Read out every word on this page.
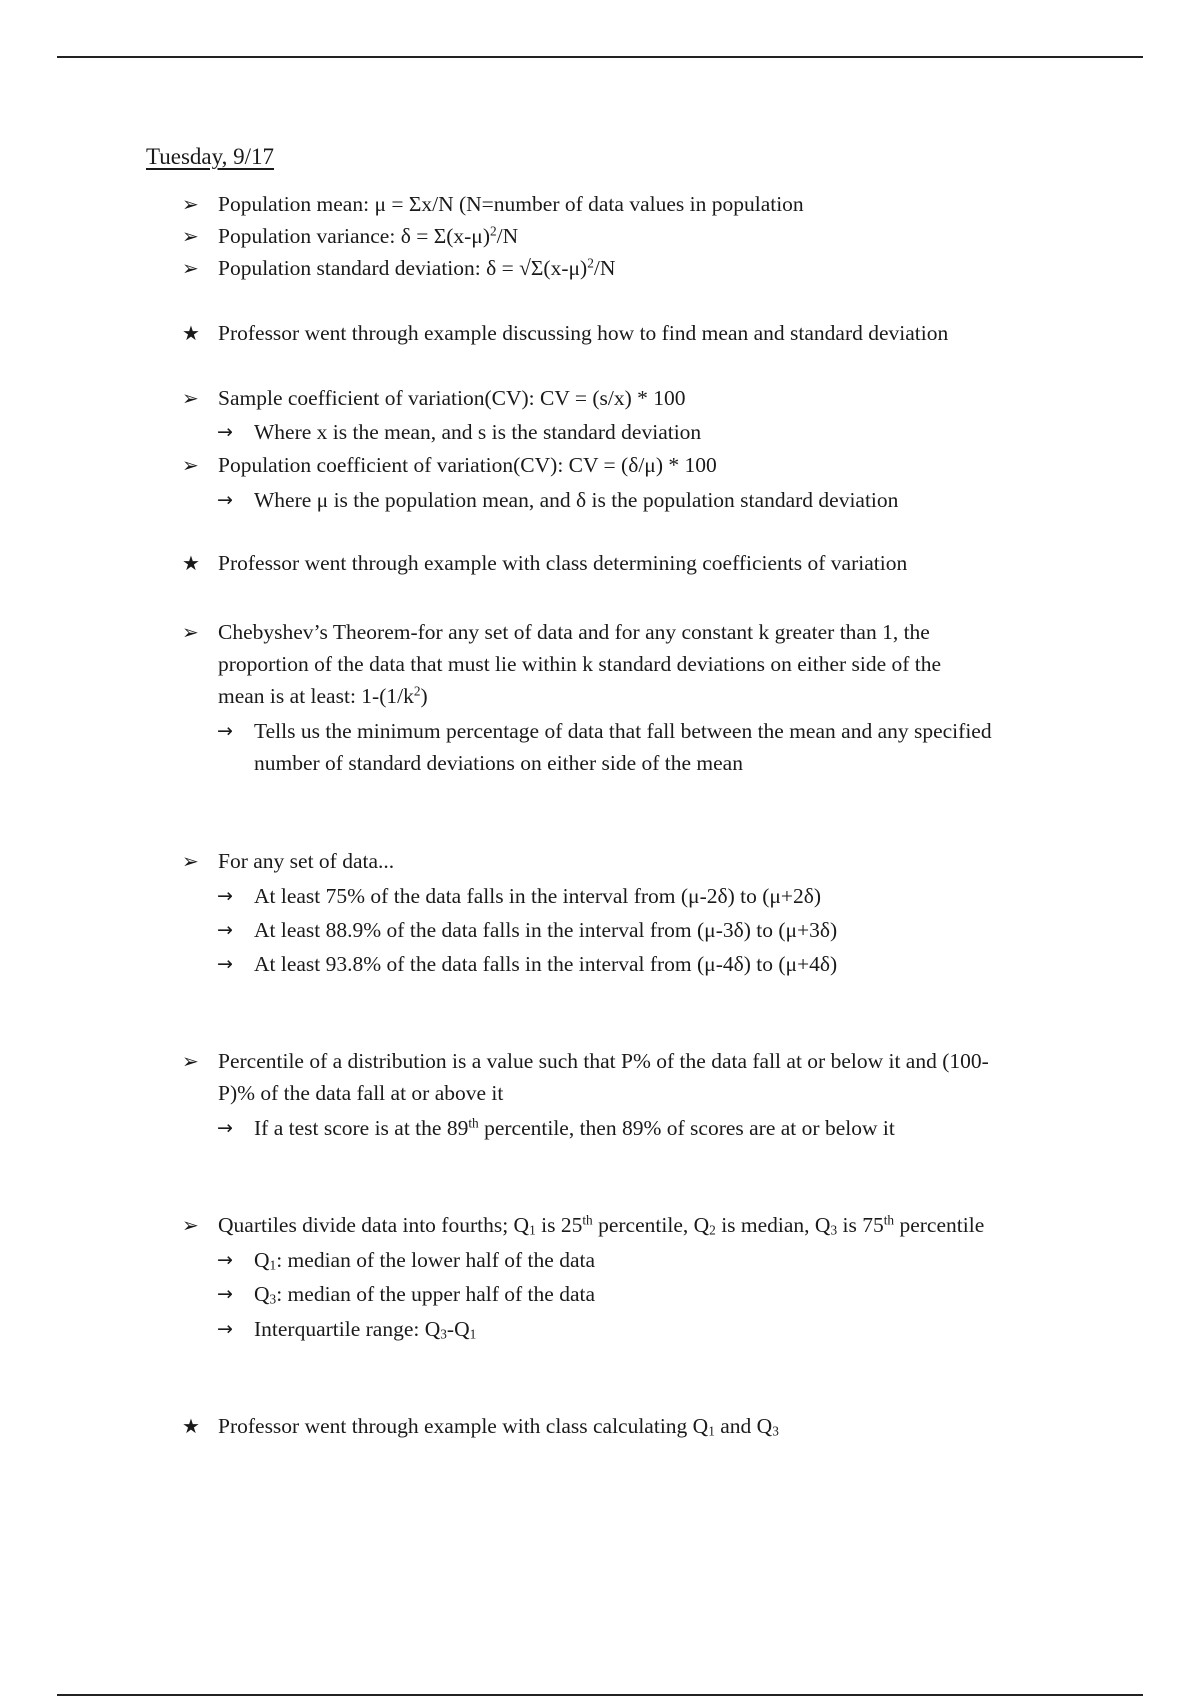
Tuesday, 9/17
➢ Population mean: μ = Σx/N (N=number of data values in population
➢ Population variance: $\delta = \Sigma(x-\mu)^2/N$
➢ Population standard deviation: $\delta = √\Sigma(x-\mu)^2/N$
★ Professor went through example discussing how to find mean and standard deviation
➢ Sample coefficient of variation(CV): CV = (s/x) * 100
→ Where x is the mean, and s is the standard deviation
➢ Population coefficient of variation(CV): CV = (δ/μ) * 100
→ Where μ is the population mean, and δ is the population standard deviation
★ Professor went through example with class determining coefficients of variation
➢ Chebyshev’s Theorem-for any set of data and for any constant k greater than 1, the
proportion of the data that must lie within k standard deviations on either side of the
mean is at least: $1-(1/k^2)$
→ Tells us the minimum percentage of data that fall between the mean and any specified
number of standard deviations on either side of the mean
➢ For any set of data...
→ At least 75% of the data falls in the interval from (μ-2δ) to (μ+2δ)
→ At least 88.9% of the data falls in the interval from (μ-3δ) to (μ+3δ)
→ At least 93.8% of the data falls in the interval from (μ-4δ) to (μ+4δ)
➢ Percentile of a distribution is a value such that P% of the data fall at or below it and (100-
P)% of the data fall at or above it
→ If a test score is at the 89th percentile, then 89% of scores are at or below it
➢ Quartiles divide data into fourths; $Q_1$ is 25th percentile, $Q_2$ is median, $Q_3$ is 75th percentile
→ $Q_1$: median of the lower half of the data
→ $Q_3$: median of the upper half of the data
→ Interquartile range: $Q_3-Q_1$
★ Professor went through example with class calculating $Q_1$ and $Q_3$
